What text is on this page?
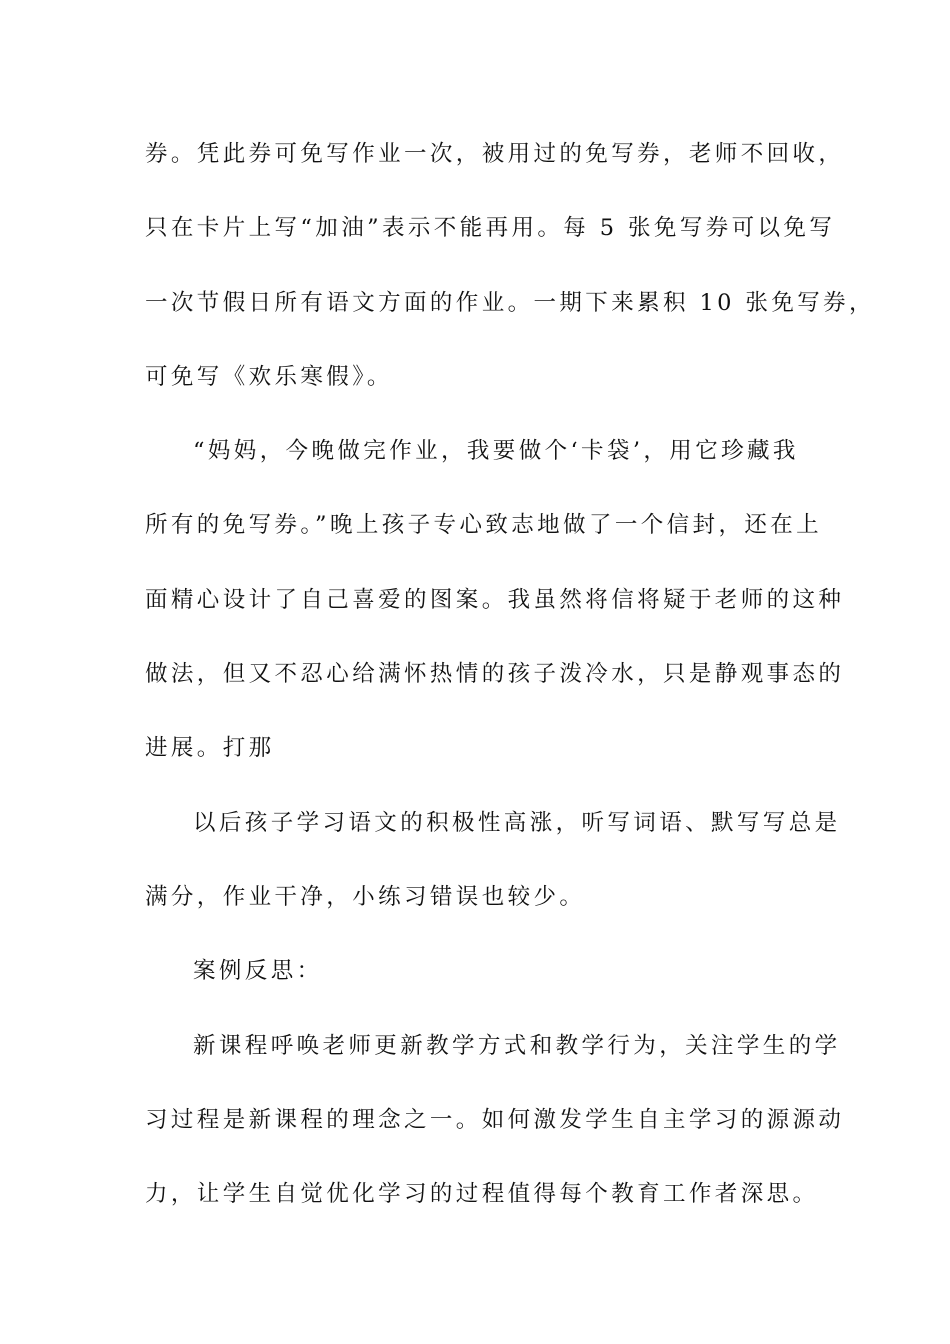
券。凭此券可免写作业一次，被用过的免写券，老师不回收，
只在卡片上写“加油”表示不能再用。每 5 张免写券可以免写
一次节假日所有语文方面的作业。一期下来累积 10 张免写券，
可免写《欢乐寒假》。
“妈妈，今晚做完作业，我要做个‘卡袋’，用它珍藏我
所有的免写券。”晚上孩子专心致志地做了一个信封，还在上
面精心设计了自己喜爱的图案。我虽然将信将疑于老师的这种
做法，但又不忍心给满怀热情的孩子泼冷水，只是静观事态的
进展。打那
以后孩子学习语文的积极性高涨，听写词语、默写写总是
满分，作业干净，小练习错误也较少。
案例反思：
新课程呼唤老师更新教学方式和教学行为，关注学生的学
习过程是新课程的理念之一。如何激发学生自主学习的源源动
力，让学生自觉优化学习的过程值得每个教育工作者深思。
